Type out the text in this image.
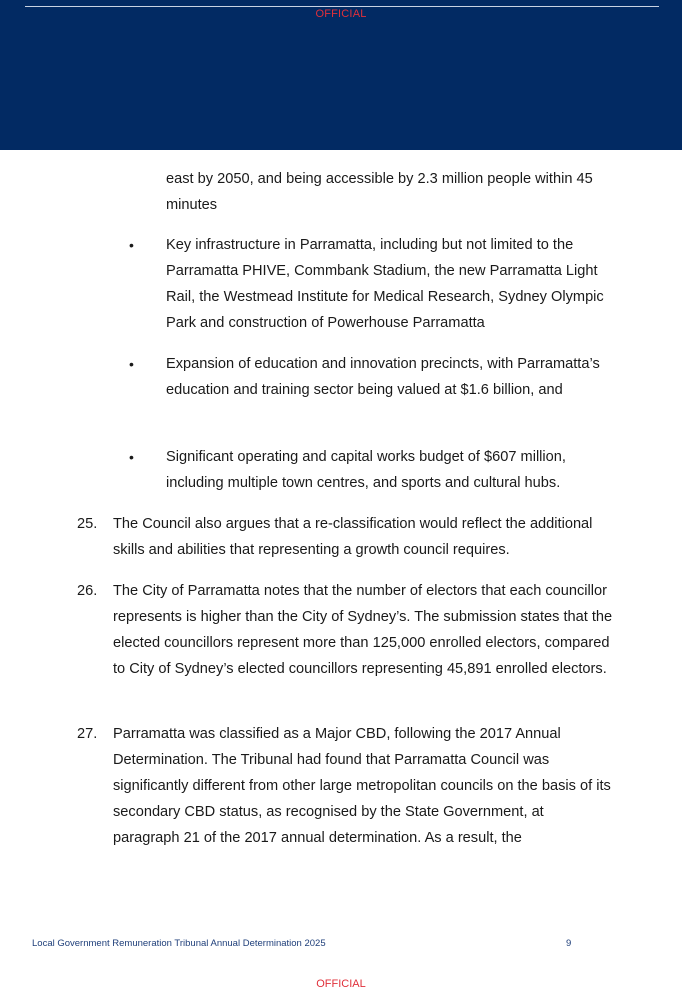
OFFICIAL

east by 2050, and being accessible by 2.3 million people within 45 minutes

• Key infrastructure in Parramatta, including but not limited to the Parramatta PHIVE, Commbank Stadium, the new Parramatta Light Rail, the Westmead Institute for Medical Research, Sydney Olympic Park and construction of Powerhouse Parramatta

• Expansion of education and innovation precincts, with Parramatta’s education and training sector being valued at $1.6 billion, and

• Significant operating and capital works budget of $607 million, including multiple town centres, and sports and cultural hubs.

25. The Council also argues that a re-classification would reflect the additional skills and abilities that representing a growth council requires.

26. The City of Parramatta notes that the number of electors that each councillor represents is higher than the City of Sydney’s. The submission states that the elected councillors represent more than 125,000 enrolled electors, compared to City of Sydney’s elected councillors representing 45,891 enrolled electors.

27. Parramatta was classified as a Major CBD, following the 2017 Annual Determination. The Tribunal had found that Parramatta Council was significantly different from other large metropolitan councils on the basis of its secondary CBD status, as recognised by the State Government, at paragraph 21 of the 2017 annual determination. As a result, the

Local Government Remuneration Tribunal Annual Determination 2025	9
OFFICIAL
